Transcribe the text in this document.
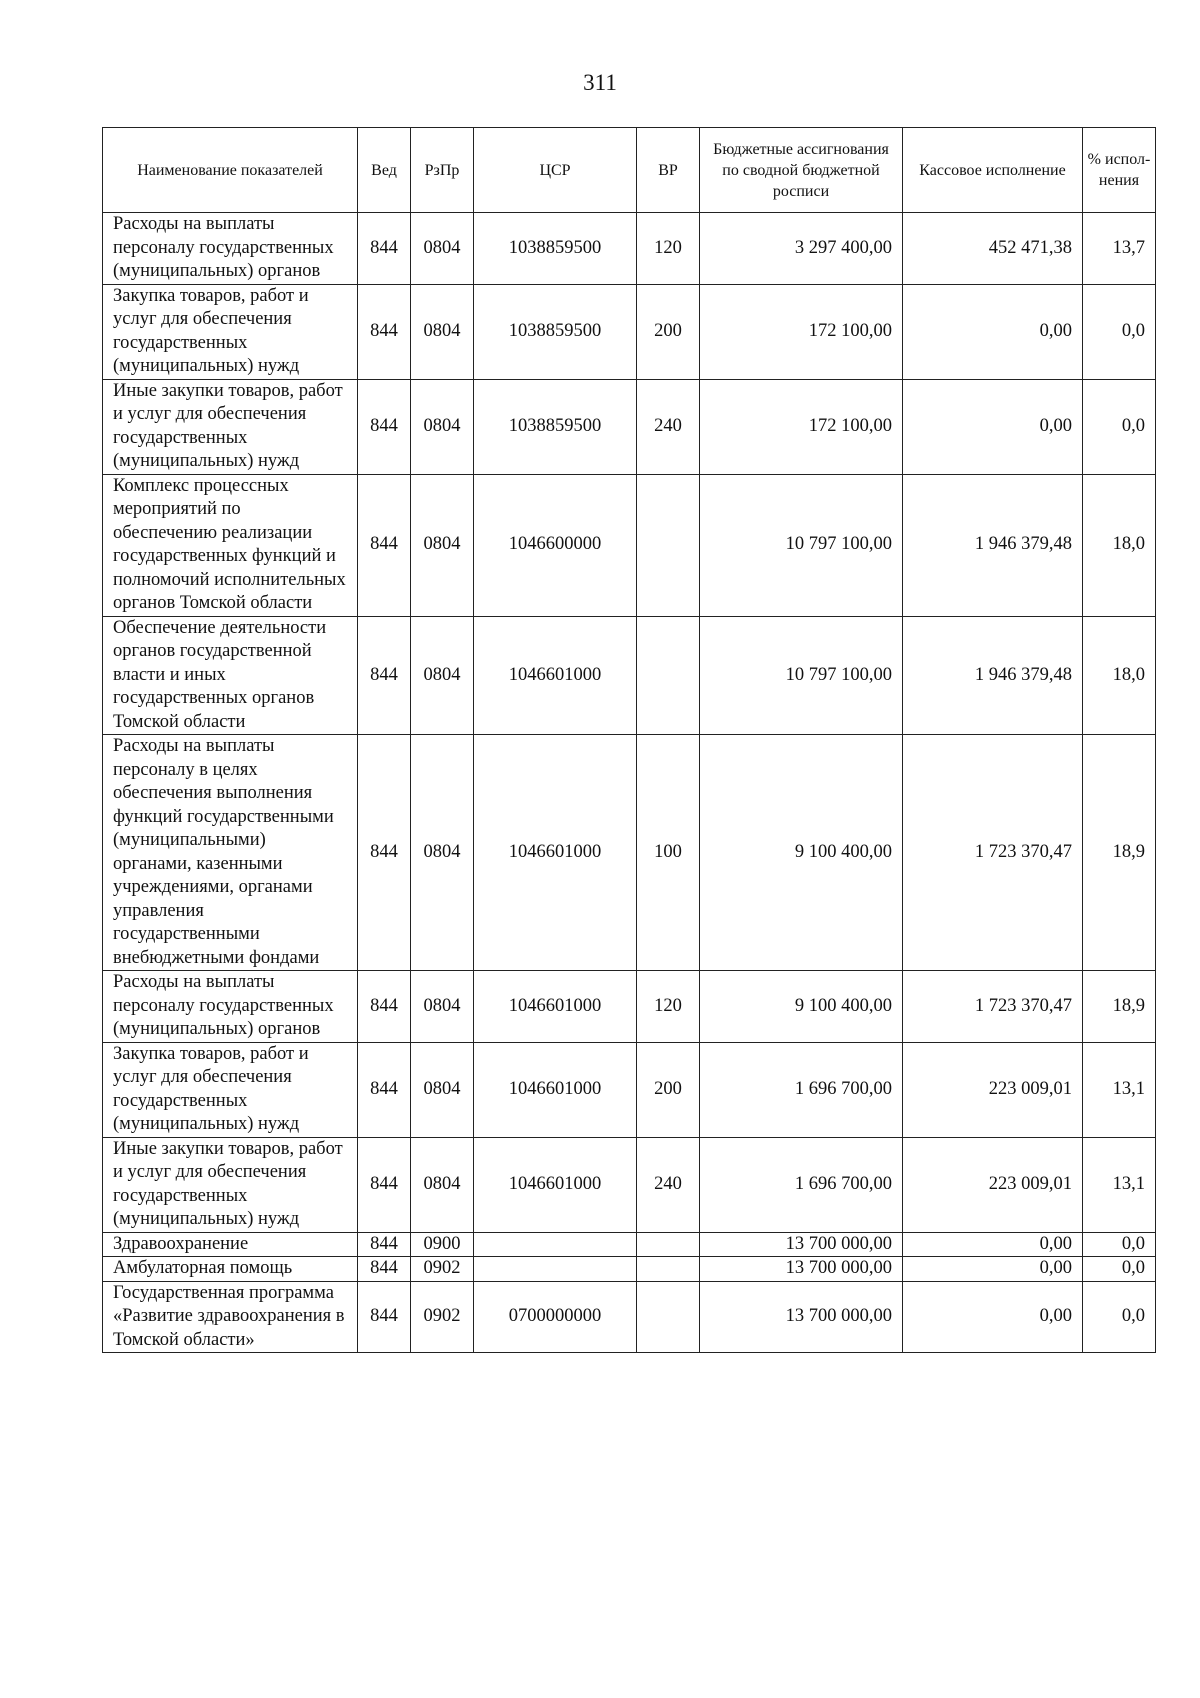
311
Наименование показателей	Вед	РзПр	ЦСР	ВР	Бюджетные ассигнования по сводной бюджетной росписи	Кассовое исполнение	% испол-нения
Расходы на выплаты персоналу государственных (муниципальных) органов	844	0804	1038859500	120	3 297 400,00	452 471,38	13,7
Закупка товаров, работ и услуг для обеспечения государственных (муниципальных) нужд	844	0804	1038859500	200	172 100,00	0,00	0,0
Иные закупки товаров, работ и услуг для обеспечения государственных (муниципальных) нужд	844	0804	1038859500	240	172 100,00	0,00	0,0
Комплекс процессных мероприятий по обеспечению реализации государственных функций и полномочий исполнительных органов Томской области	844	0804	1046600000		10 797 100,00	1 946 379,48	18,0
Обеспечение деятельности органов государственной власти и иных государственных органов Томской области	844	0804	1046601000		10 797 100,00	1 946 379,48	18,0
Расходы на выплаты персоналу в целях обеспечения выполнения функций государственными (муниципальными) органами, казенными учреждениями, органами управления государственными внебюджетными фондами	844	0804	1046601000	100	9 100 400,00	1 723 370,47	18,9
Расходы на выплаты персоналу государственных (муниципальных) органов	844	0804	1046601000	120	9 100 400,00	1 723 370,47	18,9
Закупка товаров, работ и услуг для обеспечения государственных (муниципальных) нужд	844	0804	1046601000	200	1 696 700,00	223 009,01	13,1
Иные закупки товаров, работ и услуг для обеспечения государственных (муниципальных) нужд	844	0804	1046601000	240	1 696 700,00	223 009,01	13,1
Здравоохранение	844	0900			13 700 000,00	0,00	0,0
Амбулаторная помощь	844	0902			13 700 000,00	0,00	0,0
Государственная программа «Развитие здравоохранения в Томской области»	844	0902	0700000000		13 700 000,00	0,00	0,0
